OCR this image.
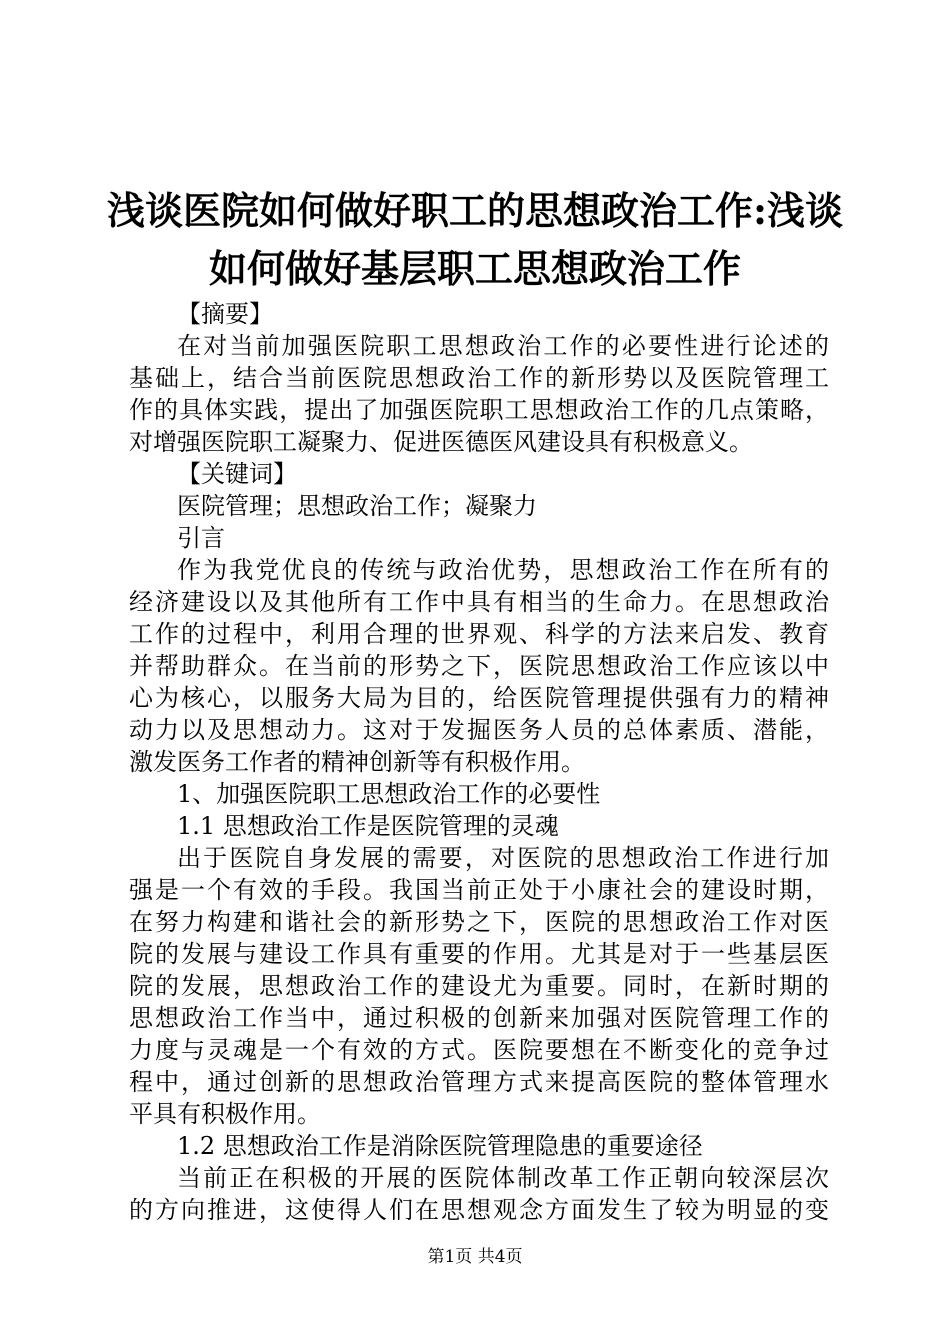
浅谈医院如何做好职工的思想政治工作:浅谈
如何做好基层职工思想政治工作
【摘要】
在对当前加强医院职工思想政治工作的必要性进行论述的
基础上，结合当前医院思想政治工作的新形势以及医院管理工
作的具体实践，提出了加强医院职工思想政治工作的几点策略，
对增强医院职工凝聚力、促进医德医风建设具有积极意义。
【关键词】
医院管理；思想政治工作；凝聚力
引言
作为我党优良的传统与政治优势，思想政治工作在所有的
经济建设以及其他所有工作中具有相当的生命力。在思想政治
工作的过程中，利用合理的世界观、科学的方法来启发、教育
并帮助群众。在当前的形势之下，医院思想政治工作应该以中
心为核心，以服务大局为目的，给医院管理提供强有力的精神
动力以及思想动力。这对于发掘医务人员的总体素质、潜能，
激发医务工作者的精神创新等有积极作用。
1、加强医院职工思想政治工作的必要性
1.1 思想政治工作是医院管理的灵魂
出于医院自身发展的需要，对医院的思想政治工作进行加
强是一个有效的手段。我国当前正处于小康社会的建设时期，
在努力构建和谐社会的新形势之下，医院的思想政治工作对医
院的发展与建设工作具有重要的作用。尤其是对于一些基层医
院的发展，思想政治工作的建设尤为重要。同时，在新时期的
思想政治工作当中，通过积极的创新来加强对医院管理工作的
力度与灵魂是一个有效的方式。医院要想在不断变化的竞争过
程中，通过创新的思想政治管理方式来提高医院的整体管理水
平具有积极作用。
1.2 思想政治工作是消除医院管理隐患的重要途径
当前正在积极的开展的医院体制改革工作正朝向较深层次
的方向推进，这使得人们在思想观念方面发生了较为明显的变
第1页 共4页
